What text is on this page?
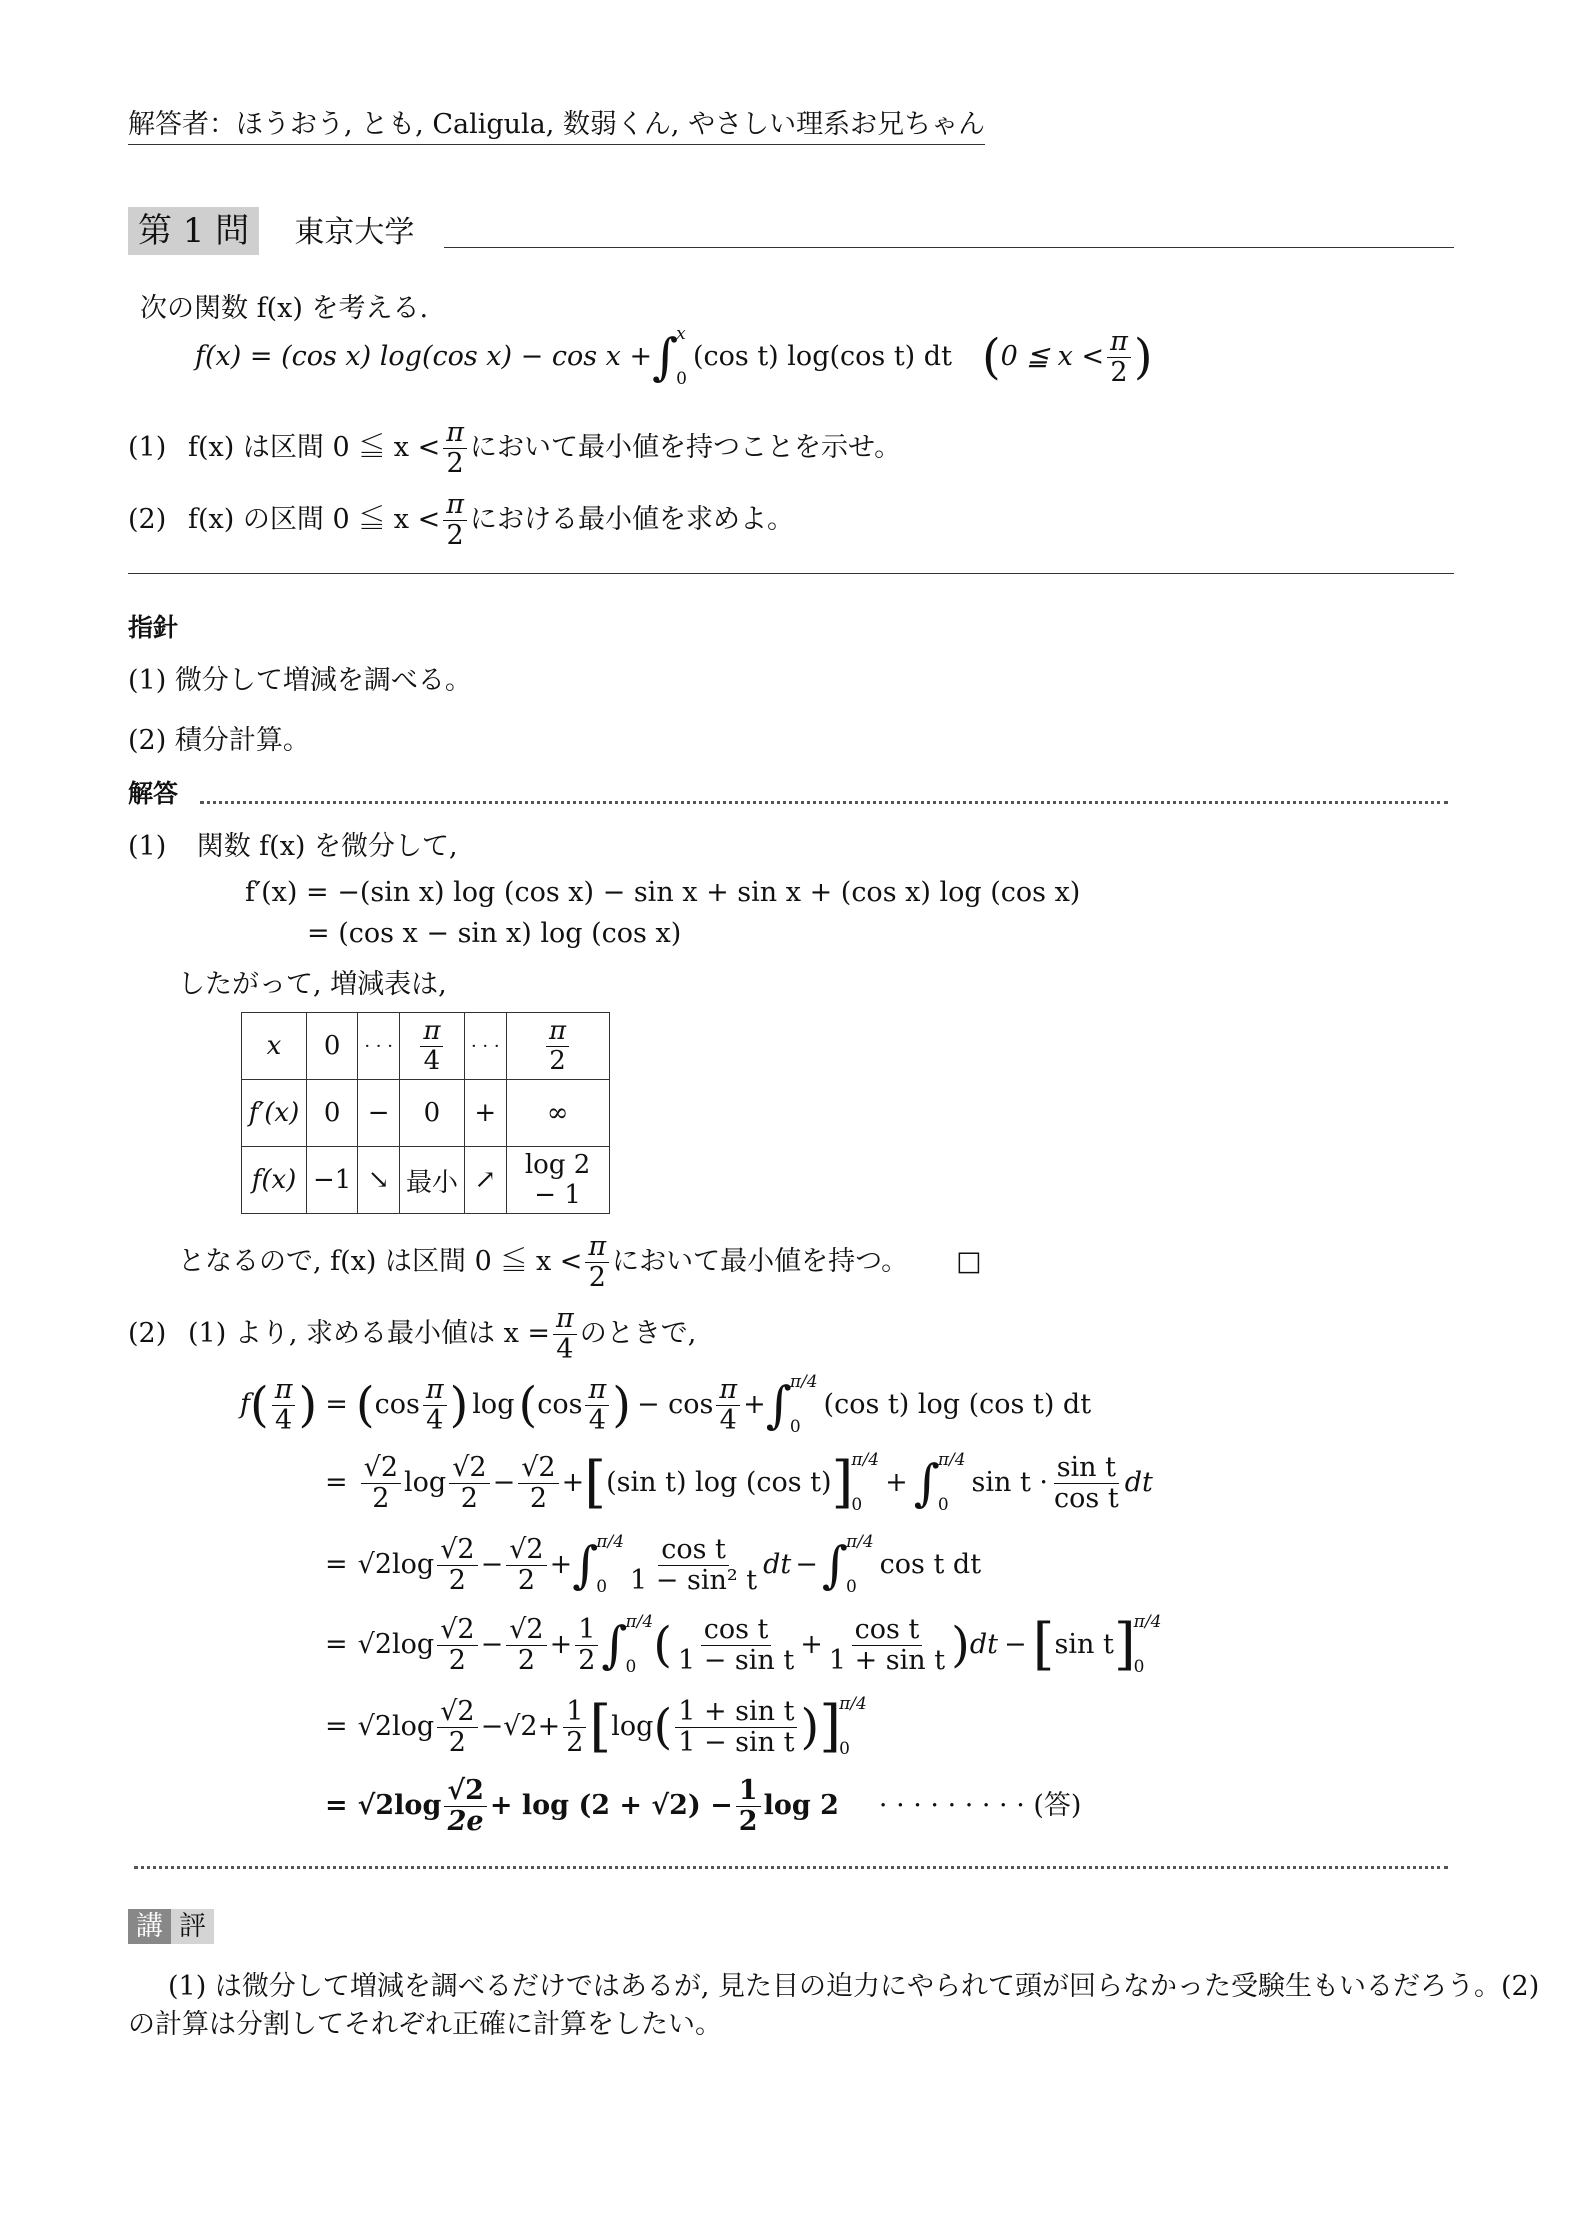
解答者：ほうおう, とも, Caligula, 数弱くん, やさしい理系お兄ちゃん
第 1 問 東京大学
次の関数 f(x) を考える.
f(x) = (cos x) log(cos x) − cos x + ∫
x
0
(cos t) log(cos t) dt ( 0 ≦ $x < \frac{\pi}{2}$ )
(1) f(x) は区間 0 ≦ $x < \frac{\pi}{2}$ において最小値を持つことを示せ。
(2) f(x) の区間 0 ≦ $x < \frac{\pi}{2}$ における最小値を求めよ。
指針
(1) 微分して増減を調べる。
(2) 積分計算。
解答
(1) 関数 f(x) を微分して,
f′(x) = −(sin x) log (cos x) − sin x + sin x + (cos x) log (cos x)
= (cos x − sin x) log (cos x)
したがって, 増減表は,
x	0	· · ·	$\frac{\pi}{4}$	· · ·	$\frac{\pi}{2}$

f′(x)	0	−	0	+	∞
f(x)	−1	↘	最小	↗	log 2 − 1
となるので, f(x) は区間 0 ≦ $x < \frac{\pi}{2}$ において最小値を持つ。 □
(2) (1) より, 求める最小値は $x = \frac{\pi}{4}$ のときで,
f ( $\frac{\pi}{4}$ ) = ( $\cos \frac{\pi}{4}$ ) log ( $\cos \frac{\pi}{4}$ ) − $\cos \frac{\pi}{4}$ + ∫
π/4
0
(cos t) log (cos t) dt
= $\frac{√2}{2}$ $\log \frac{√2}{2} - \frac{√2}{2}$ + [ (sin t) log (cos t) ]
π/4
0
+ ∫
π/4
0
$\sin t \cdot \frac{\text{sin t}}{\text{cos t}}$ dt
= √2 $\log \frac{√2}{2} - \frac{√2}{2}$ + ∫
π/4
$0 \frac{\text{cos t}}{\text{1 − sin² t}}$ dt − ∫
π/4
0
cos t dt
= √2 $\log \frac{√2}{2} - \frac{√2}{2} + \frac{1}{2}$ ∫
π/4
0 ( $\frac{\text{cos t}}{\text{1 − sin t}} + \frac{\text{cos t}}{\text{1 + sin t}}$ ) dt − [ sin t ]
π/4
0
= √2 $\log \frac{√2}{2} - √2 + \frac{1}{2}$ [ log ( $\frac{\text{1 + sin t}}{\text{1 − sin t}}$ ) ]
π/4
0
= √2 $\log \frac{√2}{2e} + \log (2 + √2) - \frac{1}{2}$ log 2 · · · · · · · · · (答)
講 評
(1) は微分して増減を調べるだけではあるが, 見た目の迫力にやられて頭が回らなかった受験生もいるだろう。(2)
の計算は分割してそれぞれ正確に計算をしたい。
